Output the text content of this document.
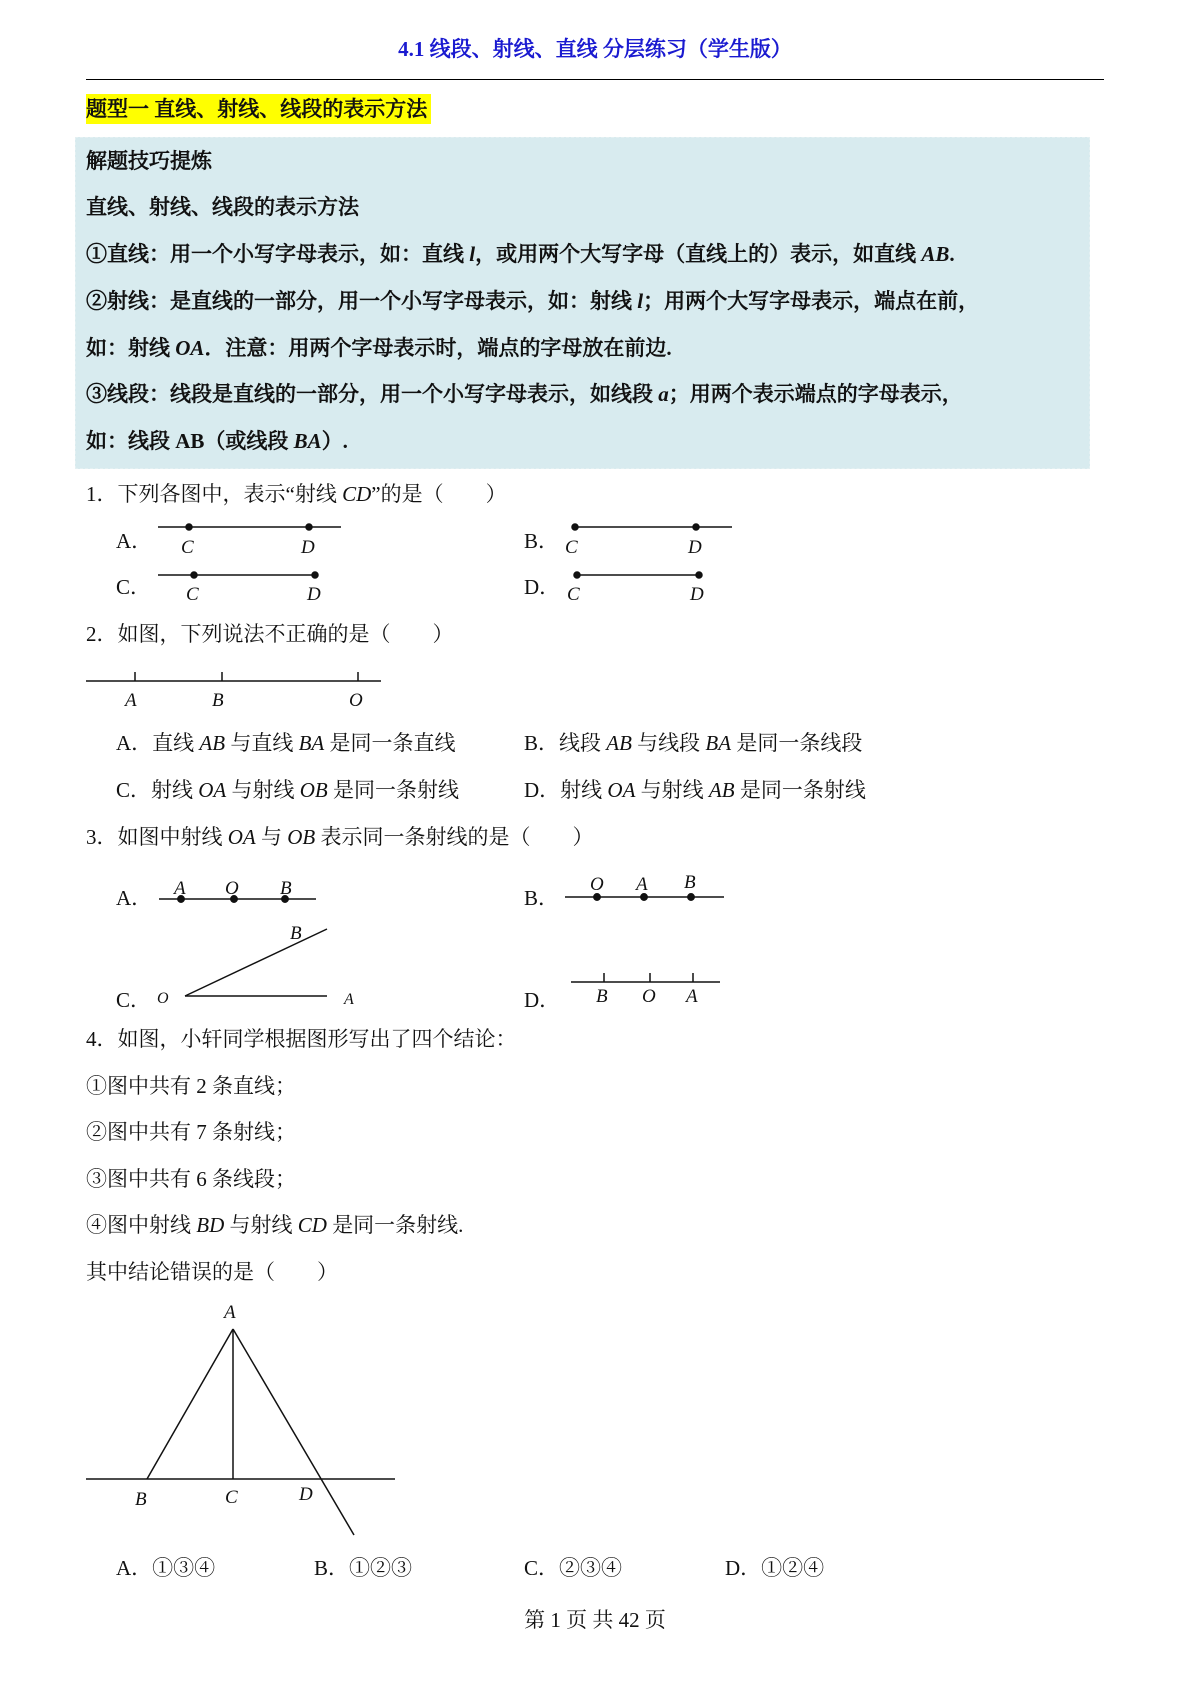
4.1 线段、射线、直线 分层练习（学生版）
题型一 直线、射线、线段的表示方法
解题技巧提炼
直线、射线、线段的表示方法
①直线：用一个小写字母表示，如：直线 l，或用两个大写字母（直线上的）表示，如直线 AB.
②射线：是直线的一部分，用一个小写字母表示，如：射线 l；用两个大写字母表示，端点在前，
如：射线 OA．注意：用两个字母表示时，端点的字母放在前边.
③线段：线段是直线的一部分，用一个小写字母表示，如线段 a；用两个表示端点的字母表示，
如：线段 AB（或线段 BA）.
1．下列各图中，表示“射线 CD”的是（　　）
A．	B．
C．	D．
C	D	C	D
C	D	C	D
A	B	O
2．如图，下列说法不正确的是（　　）
A．直线 AB 与直线 BA 是同一条直线	B．线段 AB 与线段 BA 是同一条线段
C．射线 OA 与射线 OB 是同一条射线	D．射线 OA 与射线 AB 是同一条射线
3．如图中射线 OA 与 OB 表示同一条射线的是（　　）
A．	B．
C．	D．
A O B	O A B
O
B
A	B O A
4．如图，小轩同学根据图形写出了四个结论：
①图中共有 2 条直线；
②图中共有 7 条射线；
③图中共有 6 条线段；
④图中射线 BD 与射线 CD 是同一条射线.
其中结论错误的是（　　）
A
B	C	D
A．①③④	B．①②③	C．②③④	D．①②④
第 1 页 共 42 页
